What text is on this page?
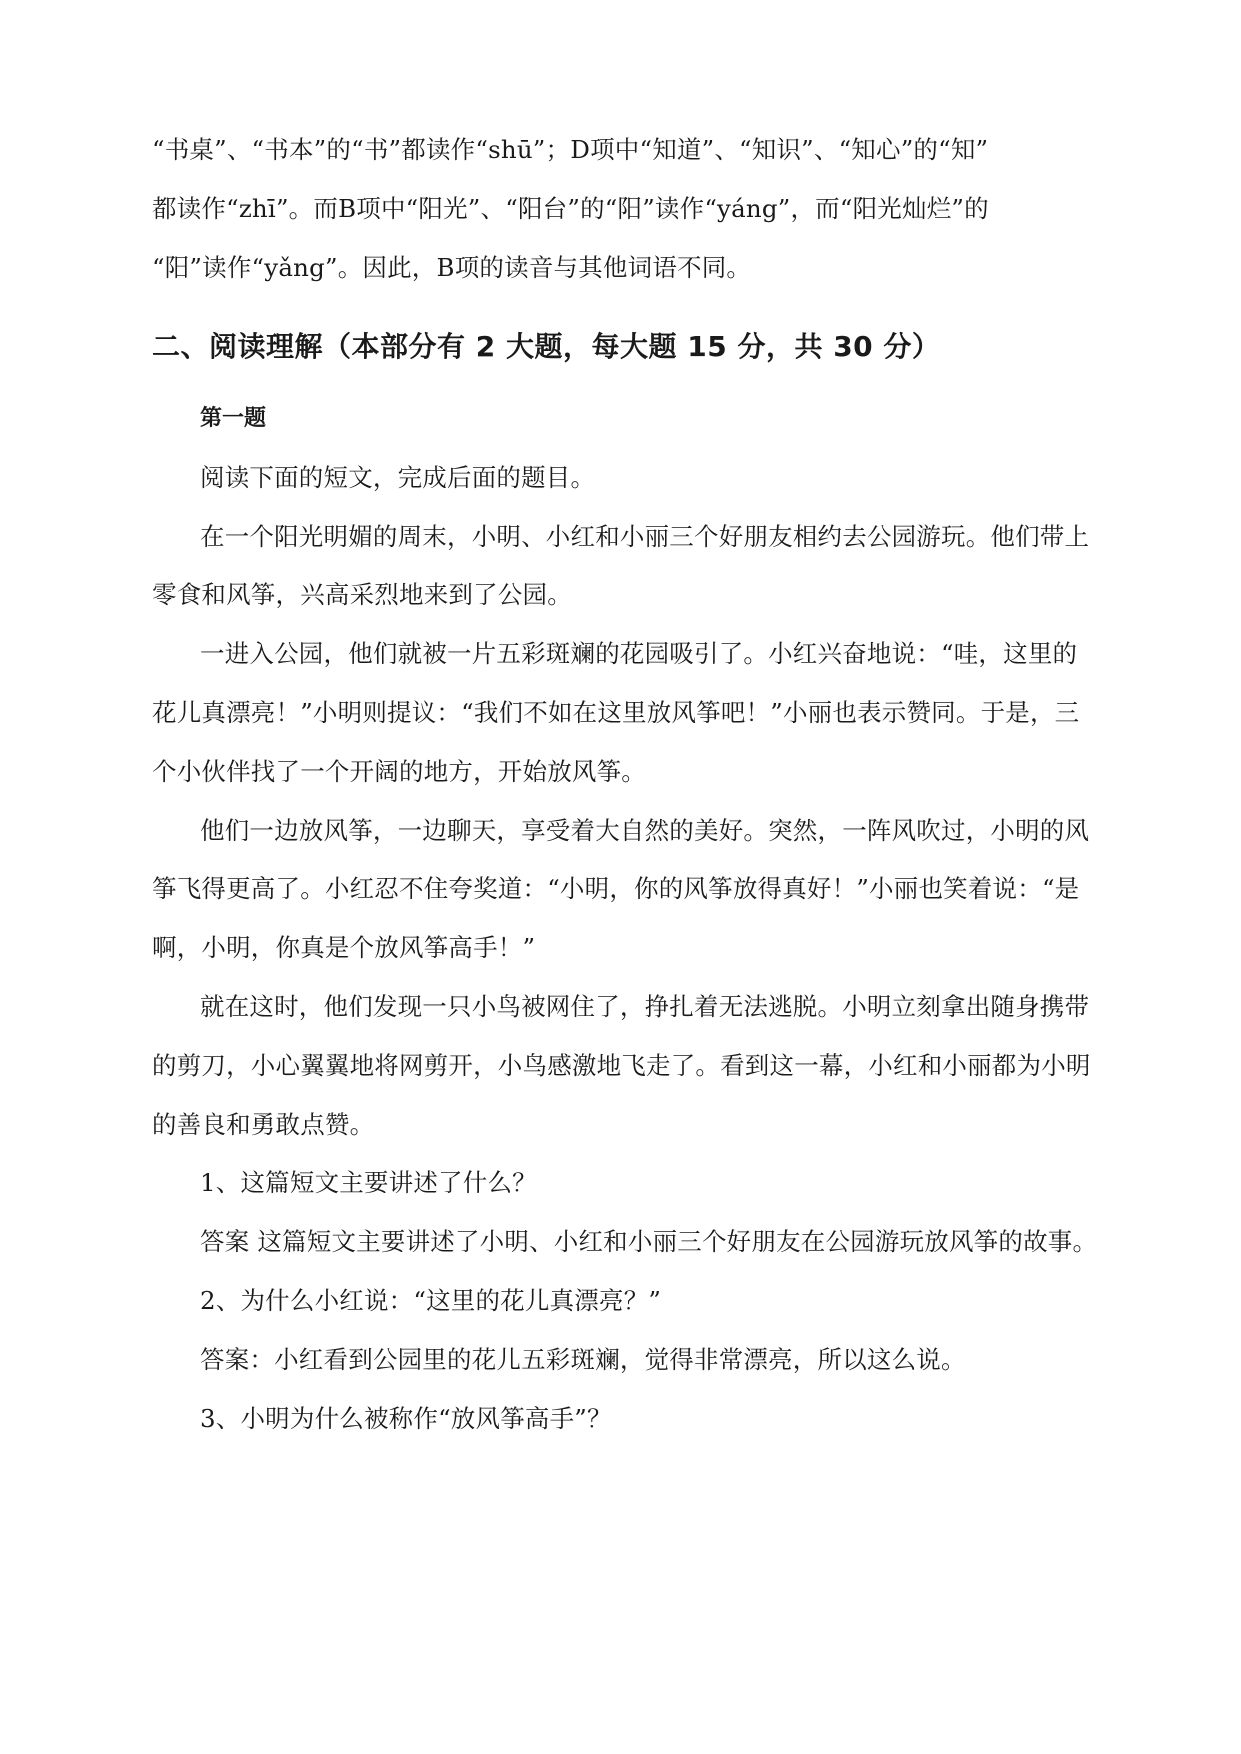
“书桌”、“书本”的“书”都读作“shū”；D项中“知道”、“知识”、“知心”的“知”
都读作“zhī”。而B项中“阳光”、“阳台”的“阳”读作“yáng”，而“阳光灿烂”的
“阳”读作“yǎng”。因此，B项的读音与其他词语不同。
二、阅读理解（本部分有 2 大题，每大题 15 分，共 30 分）
第一题
阅读下面的短文，完成后面的题目。
在一个阳光明媚的周末，小明、小红和小丽三个好朋友相约去公园游玩。他们带上
零食和风筝，兴高采烈地来到了公园。
一进入公园，他们就被一片五彩斑斓的花园吸引了。小红兴奋地说：“哇，这里的
花儿真漂亮！”小明则提议：“我们不如在这里放风筝吧！”小丽也表示赞同。于是，三
个小伙伴找了一个开阔的地方，开始放风筝。
他们一边放风筝，一边聊天，享受着大自然的美好。突然，一阵风吹过，小明的风
筝飞得更高了。小红忍不住夸奖道：“小明，你的风筝放得真好！”小丽也笑着说：“是
啊，小明，你真是个放风筝高手！”
就在这时，他们发现一只小鸟被网住了，挣扎着无法逃脱。小明立刻拿出随身携带
的剪刀，小心翼翼地将网剪开，小鸟感激地飞走了。看到这一幕，小红和小丽都为小明
的善良和勇敢点赞。
1、这篇短文主要讲述了什么？
答案 这篇短文主要讲述了小明、小红和小丽三个好朋友在公园游玩放风筝的故事。
2、为什么小红说：“这里的花儿真漂亮？”
答案：小红看到公园里的花儿五彩斑斓，觉得非常漂亮，所以这么说。
3、小明为什么被称作“放风筝高手”？
